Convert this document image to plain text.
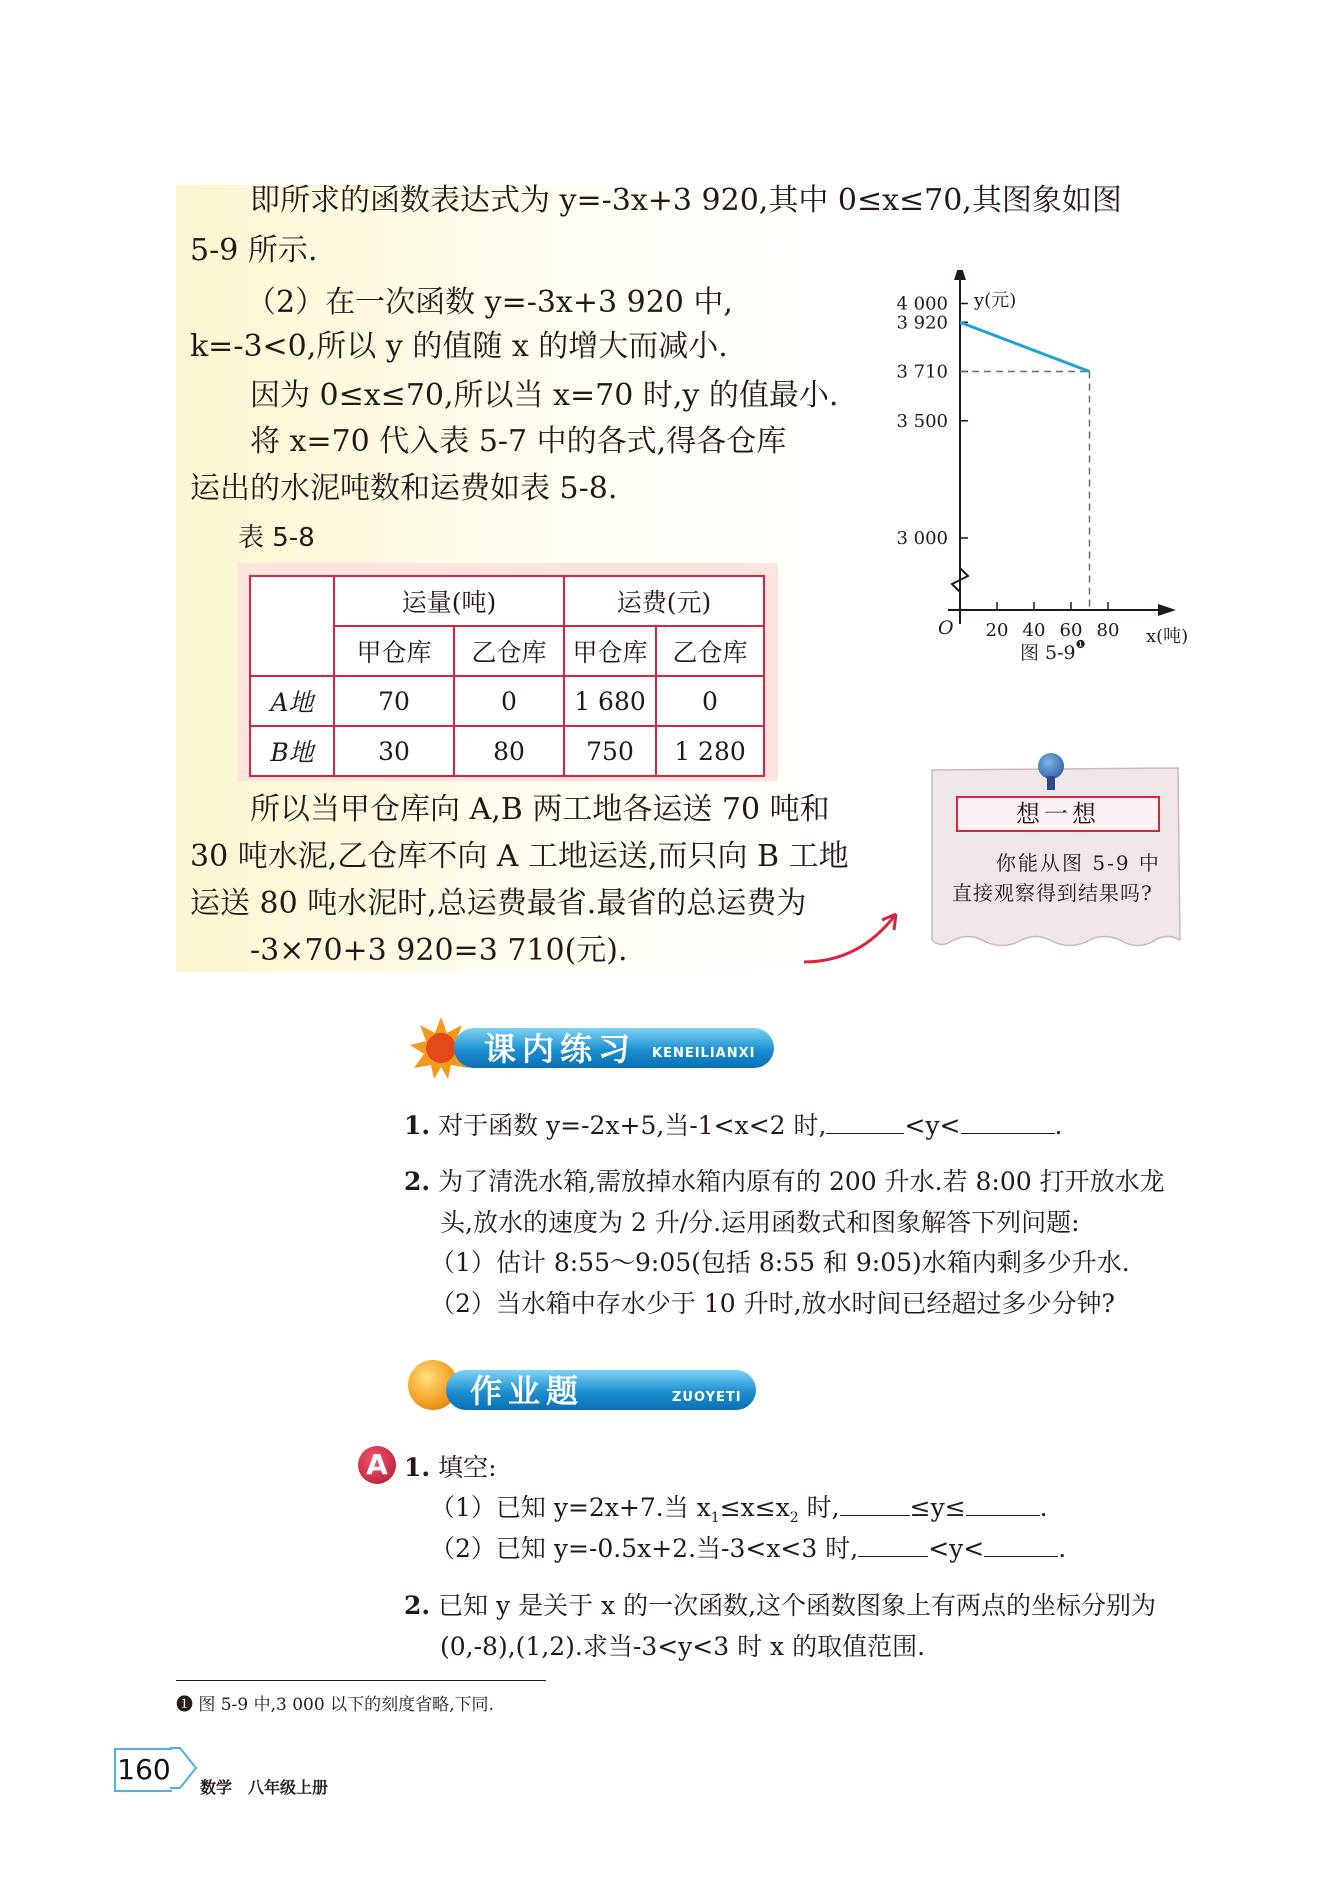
即所求的函数表达式为 y=-3x+3 920,其中 0≤x≤70,其图象如图
5-9 所示.
（2）在一次函数 y=-3x+3 920 中,
k=-3<0,所以 y 的值随 x 的增大而减小.
因为 0≤x≤70,所以当 x=70 时,y 的值最小.
将 x=70 代入表 5-7 中的各式,得各仓库
运出的水泥吨数和运费如表 5-8.
表 5-8
	运量(吨)		运费(元)	
	甲仓库	乙仓库	甲仓库	乙仓库
A地	70	0	1 680	0
B地	30	80	750	1 280
所以当甲仓库向 A,B 两工地各运送 70 吨和
30 吨水泥,乙仓库不向 A 工地运送,而只向 B 工地
运送 80 吨水泥时,总运费最省.最省的总运费为
-3×70+3 920=3 710(元).
3 000
3 500
3 710
3 920
4 000
20 40 60 80
O
y(元)
x(吨)
图 $5-9^❶$
想一想
你能从图 5-9 中
直接观察得到结果吗?
课内练习 KENEILIANXI
1. 对于函数 y=-2x+5,当-1<x<2 时,	<y<	.
2. 为了清洗水箱,需放掉水箱内原有的 200 升水.若 8:00 打开放水龙
头,放水的速度为 2 升/分.运用函数式和图象解答下列问题:
（1）估计 8:55～9:05(包括 8:55 和 9:05)水箱内剩多少升水.
（2）当水箱中存水少于 10 升时,放水时间已经超过多少分钟?
作业题	ZUOYETI
A 1. 填空:
（1）已知 y=2x+7.当 $x_1\le x\le x_2$ 时,	≤y≤	.
（2）已知 y=-0.5x+2.当-3<x<3 时,	<y<	.
2. 已知 y 是关于 x 的一次函数,这个函数图象上有两点的坐标分别为
(0,-8),(1,2).求当-3<y<3 时 x 的取值范围.
❶ 图 5-9 中,3 000 以下的刻度省略,下同.
160
数学　八年级上册
